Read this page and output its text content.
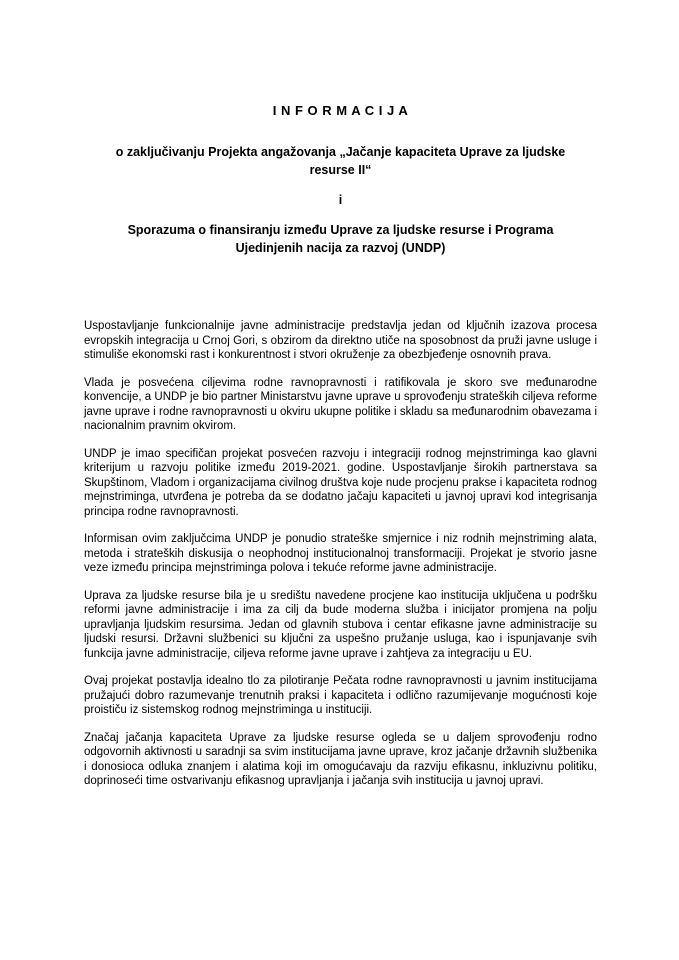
I N F O R M A C I J A
o zaključivanju Projekta angažovanja „Jačanje kapaciteta Uprave za ljudske resurse II“
i
Sporazuma o finansiranju između Uprave za ljudske resurse i Programa Ujedinjenih nacija za razvoj (UNDP)

Uspostavljanje funkcionalnije javne administracije predstavlja jedan od ključnih izazova procesa evropskih integracija u Crnoj Gori, s obzirom da direktno utiče na sposobnost da pruži javne usluge i stimuliše ekonomski rast i konkurentnost i stvori okruženje za obezbjeđenje osnovnih prava.

Vlada je posvećena ciljevima rodne ravnopravnosti i ratifikovala je skoro sve međunarodne konvencije, a UNDP je bio partner Ministarstvu javne uprave u sprovođenju strateških ciljeva reforme javne uprave i rodne ravnopravnosti u okviru ukupne politike i skladu sa međunarodnim obavezama i nacionalnim pravnim okvirom.

UNDP je imao specifičan projekat posvećen razvoju i integraciji rodnog mejnstriminga kao glavni kriterijum u razvoju politike između 2019-2021. godine. Uspostavljanje širokih partnerstava sa Skupštinom, Vladom i organizacijama civilnog društva koje nude procjenu prakse i kapaciteta rodnog mejnstriminga, utvrđena je potreba da se dodatno jačaju kapaciteti u javnoj upravi kod integrisanja principa rodne ravnopravnosti.

Informisan ovim zaključcima UNDP je ponudio strateške smjernice i niz rodnih mejnstriming alata, metoda i strateških diskusija o neophodnoj institucionalnoj transformaciji. Projekat je stvorio jasne veze između principa mejnstriminga polova i tekuće reforme javne administracije.

Uprava za ljudske resurse bila je u središtu navedene procjene kao institucija uključena u podršku reformi javne administracije i ima za cilj da bude moderna služba i inicijator promjena na polju upravljanja ljudskim resursima. Jedan od glavnih stubova i centar efikasne javne administracije su ljudski resursi. Državni službenici su ključni za uspešno pružanje usluga, kao i ispunjavanje svih funkcija javne administracije, ciljeva reforme javne uprave i zahtjeva za integraciju u EU.

Ovaj projekat postavlja idealno tlo za pilotiranje Pečata rodne ravnopravnosti u javnim institucijama pružajući dobro razumevanje trenutnih praksi i kapaciteta i odlično razumijevanje mogućnosti koje proističu iz sistemskog rodnog mejnstriminga u instituciji.

Značaj jačanja kapaciteta Uprave za ljudske resurse ogleda se u daljem sprovođenju rodno odgovornih aktivnosti u saradnji sa svim institucijama javne uprave, kroz jačanje državnih službenika i donosioca odluka znanjem i alatima koji im omogućavaju da razviju efikasnu, inkluzivnu politiku, doprinoseći time ostvarivanju efikasnog upravljanja i jačanja svih institucija u javnoj upravi.
